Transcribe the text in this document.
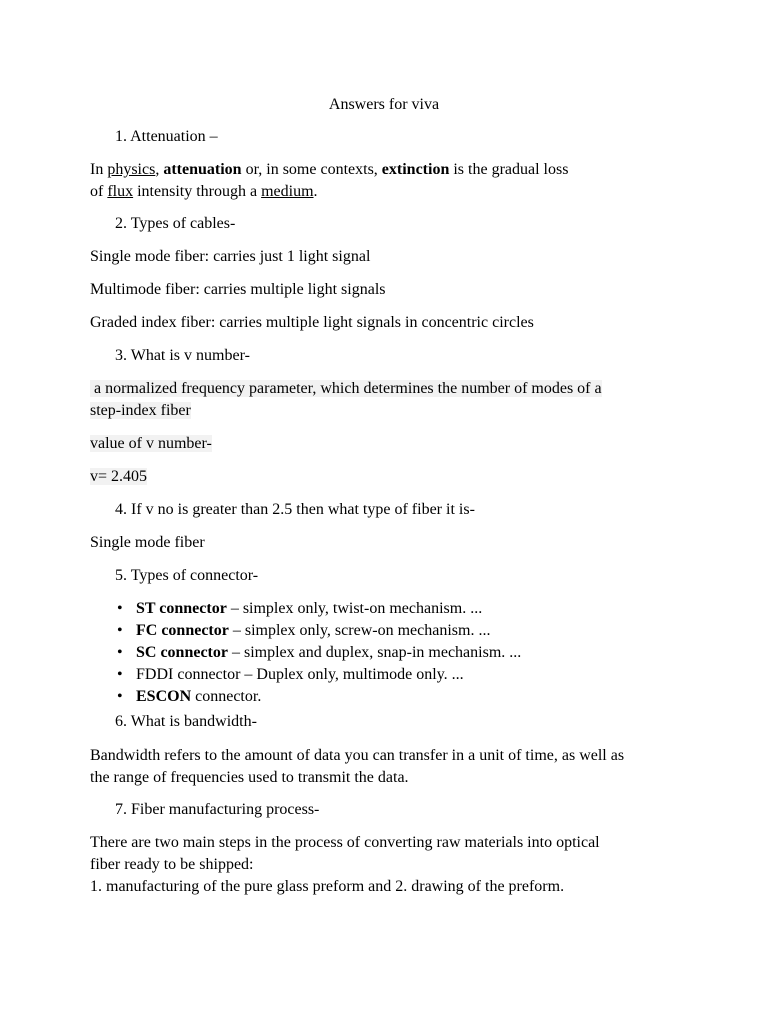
Answers for viva
1. Attenuation –
In physics, attenuation or, in some contexts, extinction is the gradual loss
of flux intensity through a medium.
2. Types of cables-
Single mode fiber: carries just 1 light signal
Multimode fiber: carries multiple light signals
Graded index fiber: carries multiple light signals in concentric circles
3. What is v number-
a normalized frequency parameter, which determines the number of modes of a
step-index fiber
value of v number-
v= 2.405
4. If v no is greater than 2.5 then what type of fiber it is-
Single mode fiber
5. Types of connector-
• ST connector – simplex only, twist-on mechanism. ...
• FC connector – simplex only, screw-on mechanism. ...
• SC connector – simplex and duplex, snap-in mechanism. ...
• FDDI connector – Duplex only, multimode only. ...
• ESCON connector.
6. What is bandwidth-
Bandwidth refers to the amount of data you can transfer in a unit of time, as well as
the range of frequencies used to transmit the data.
7. Fiber manufacturing process-
There are two main steps in the process of converting raw materials into optical
fiber ready to be shipped:
1. manufacturing of the pure glass preform and 2. drawing of the preform.
